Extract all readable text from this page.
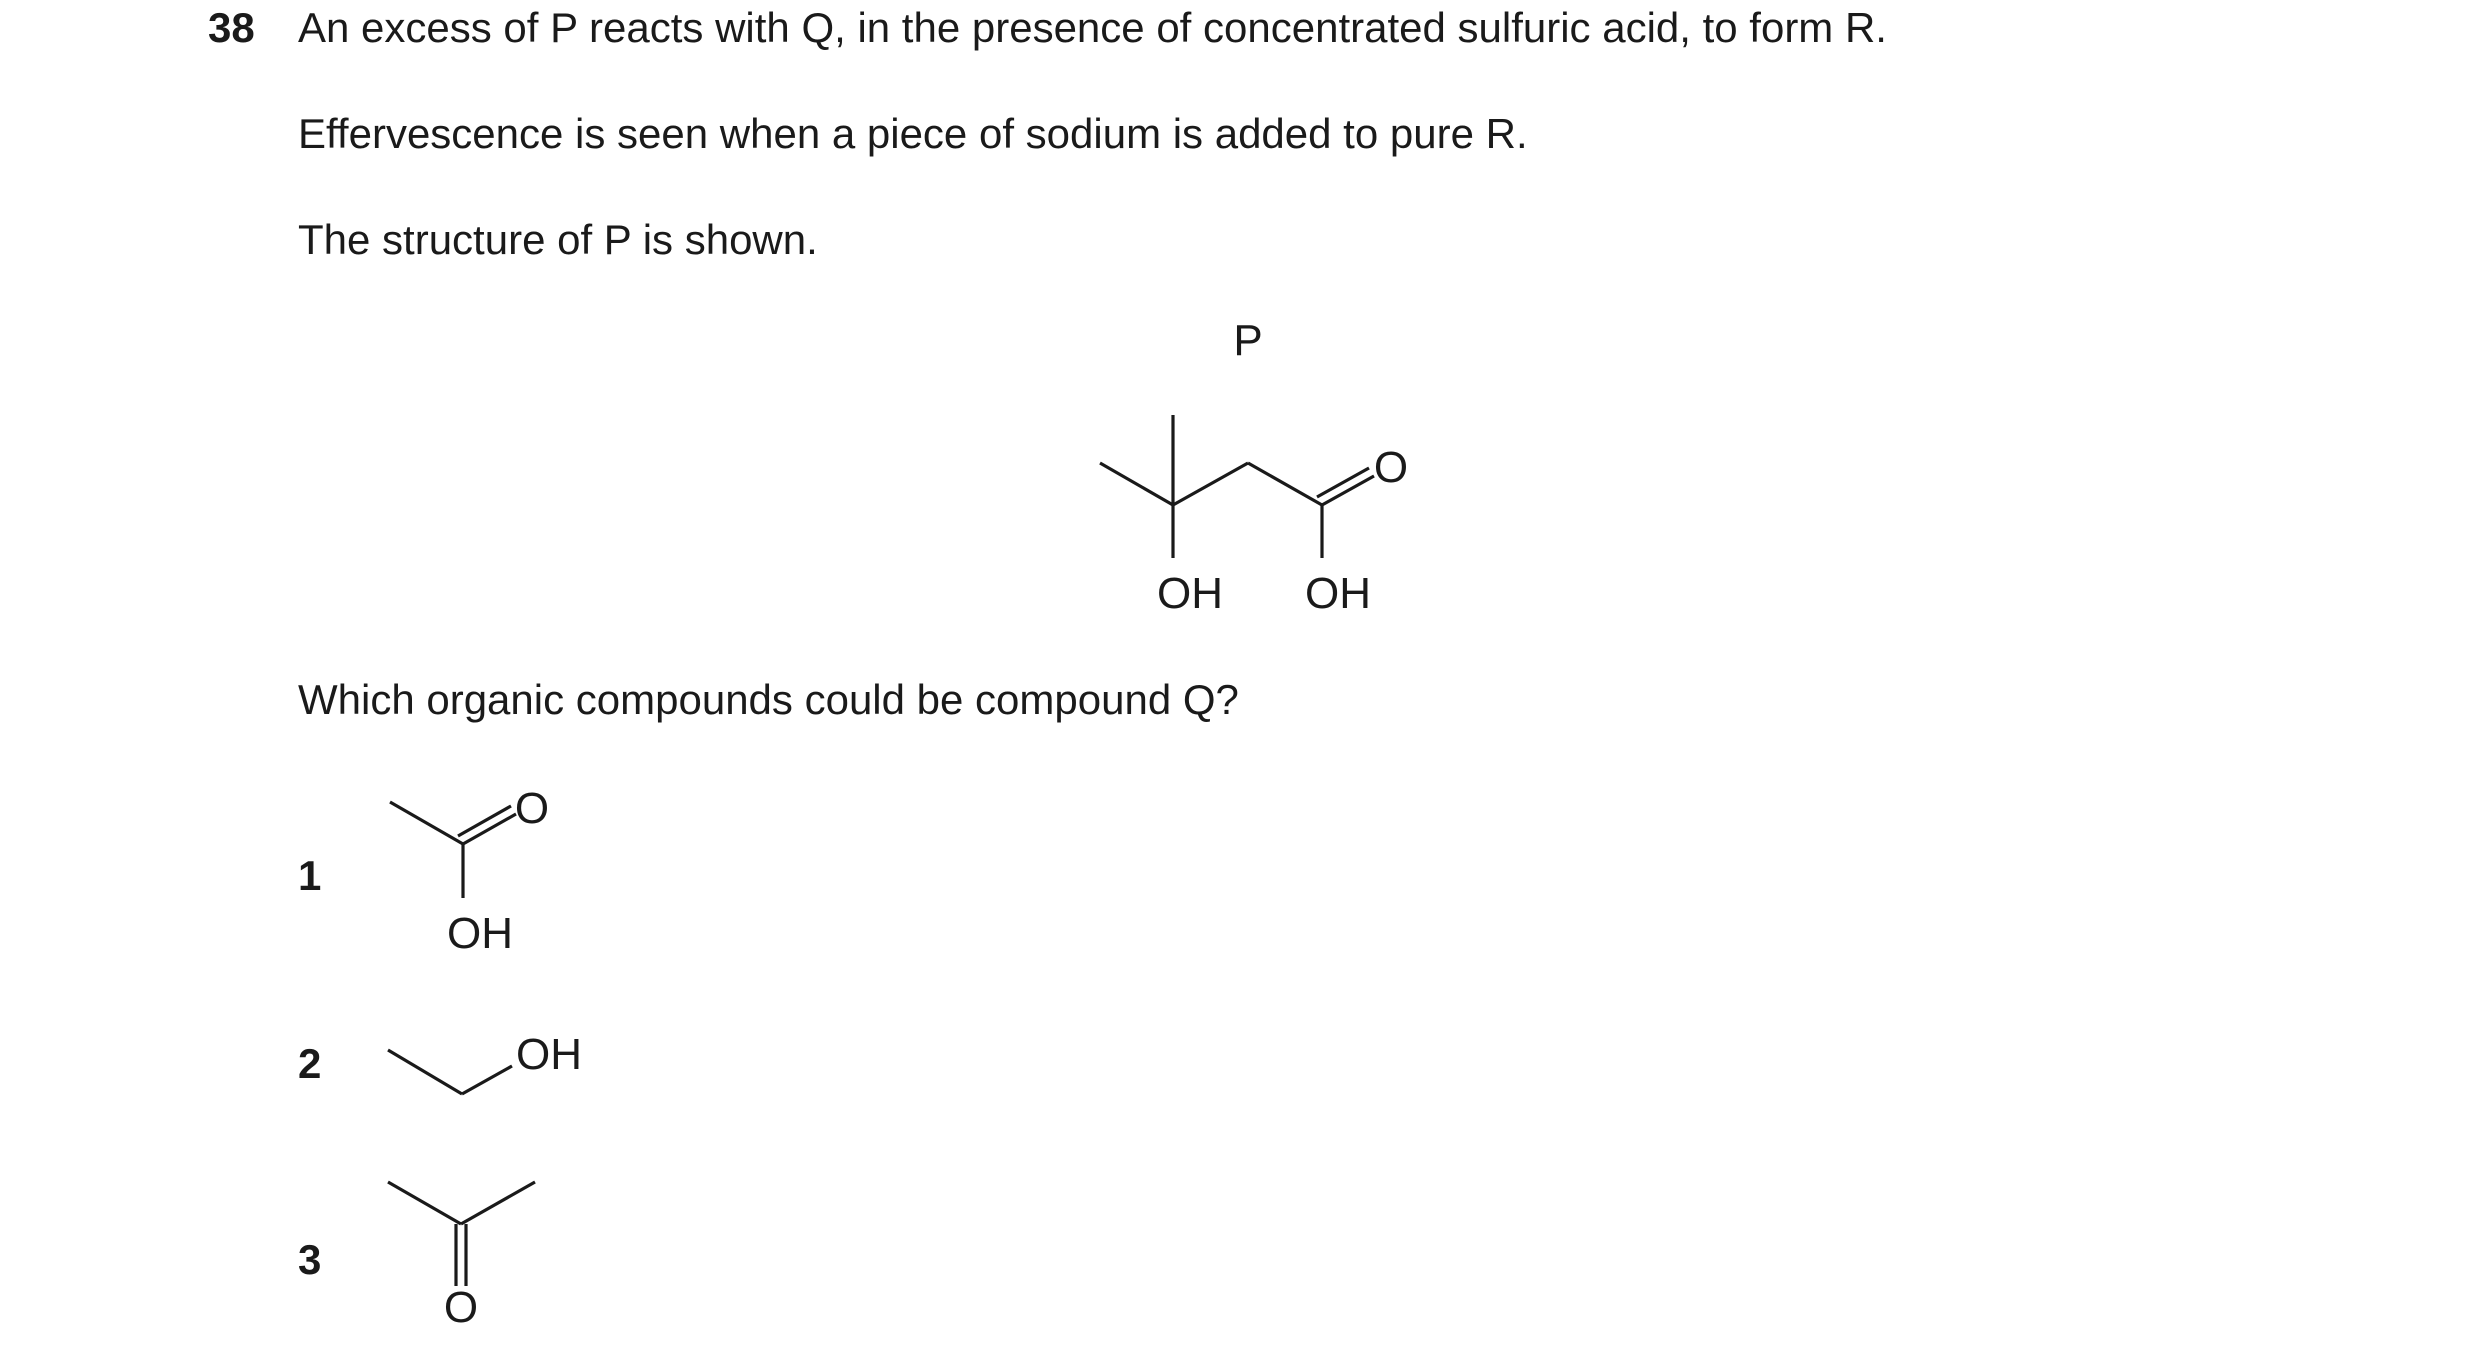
38 An excess of P reacts with Q, in the presence of concentrated sulfuric acid, to form R.
Effervescence is seen when a piece of sodium is added to pure R.
The structure of P is shown.
P
O
OH OH
Which organic compounds could be compound Q?
1
O
OH
2	OH
3
O
